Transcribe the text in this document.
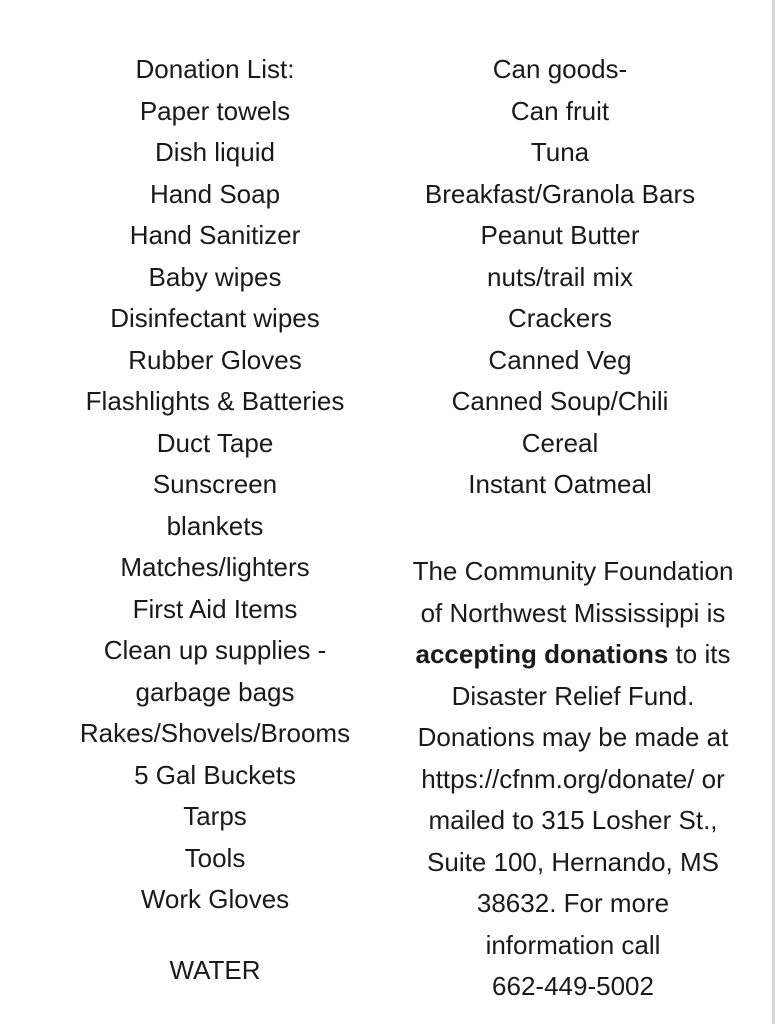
Donation List:
Paper towels
Dish liquid
Hand Soap
Hand Sanitizer
Baby wipes
Disinfectant wipes
Rubber Gloves
Flashlights & Batteries
Duct Tape
Sunscreen
blankets
Matches/lighters
First Aid Items
Clean up supplies -
garbage bags
Rakes/Shovels/Brooms
5 Gal Buckets
Tarps
Tools
Work Gloves
WATER
Can goods-
Can fruit
Tuna
Breakfast/Granola Bars
Peanut Butter
nuts/trail mix
Crackers
Canned Veg
Canned Soup/Chili
Cereal
Instant Oatmeal
The Community Foundation
of Northwest Mississippi is
accepting donations to its
Disaster Relief Fund.
Donations may be made at
https://cfnm.org/donate/ or
mailed to 315 Losher St.,
Suite 100, Hernando, MS
38632. For more
information call
662-449-5002
